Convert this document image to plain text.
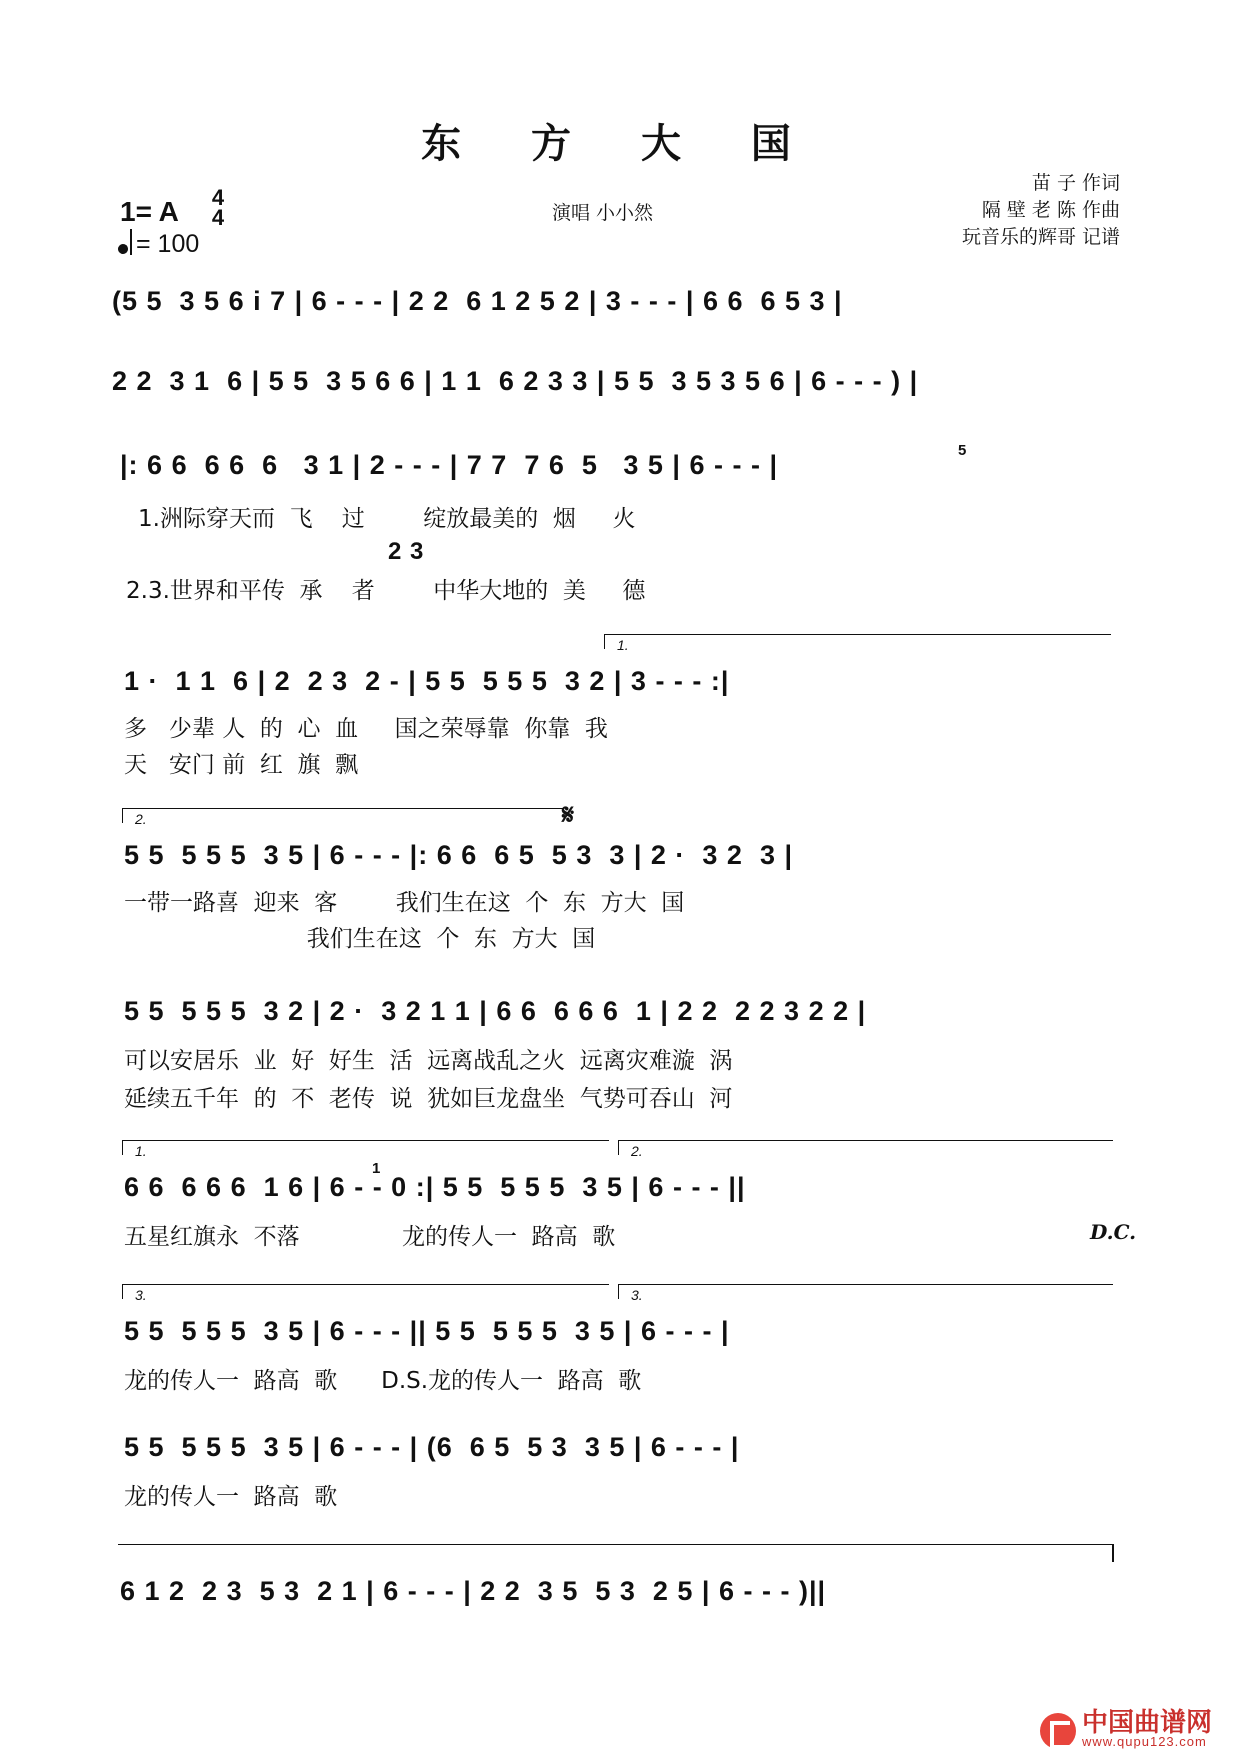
东 方 大 国
1= A 4
4
= 100
演唱 小小然
苗 子 作词
隔 壁 老 陈 作曲
玩音乐的辉哥 记谱
(5 5  3 5 6 i 7 | 6 - - - | 2 2  6 1 2 5 2 | 3 - - - | 6 6  6 5 3 |
2 2  3 1  6 | 5 5  3 5 6 6 | 1 1  6 2 3 3 | 5 5  3 5 3 5 6 | 6 - - - ) |
|: 6 6  6 6  6   3 1 | 2 - - - | 7 7  7 6  5   3 5 | 6 - - - |
1.洲际穿天而  飞    过        绽放最美的  烟     火
2 3
2.3.世界和平传  承    者        中华大地的  美     德
5
1.
1 ·  1 1  6 | 2  2 3  2 - | 5 5  5 5 5  3 2 | 3 - - - :|
多   少辈 人  的  心  血     国之荣辱靠  你靠  我
天   安门 前  红  旗  飘
2.	𝄋
5 5  5 5 5  3 5 | 6 - - - |: 6 6  6 5  5 3  3 | 2 ·  3 2  3 |
一带一路喜  迎来  客        我们生在这  个  东  方大  国
我们生在这  个  东  方大  国
5 5  5 5 5  3 2 | 2 ·  3 2 1 1 | 6 6  6 6 6  1 | 2 2  2 2 3 2 2 |
可以安居乐  业  好  好生  活  远离战乱之火  远离灾难漩  涡
延续五千年  的  不  老传  说  犹如巨龙盘坐  气势可吞山  河
1.	2.
6 6  6 6 6  1 6 | 6 - - 0 :| 5 5  5 5 5  3 5 | 6 - - - ||
五星红旗永  不落              龙的传人一  路高  歌
1
D.C.
3.	3.
5 5  5 5 5  3 5 | 6 - - - || 5 5  5 5 5  3 5 | 6 - - - |
龙的传人一  路高  歌      D.S.龙的传人一  路高  歌
5 5  5 5 5  3 5 | 6 - - - | (6  6 5  5 3  3 5 | 6 - - - |
龙的传人一  路高  歌
6 1 2  2 3  5 3  2 1 | 6 - - - | 2 2  3 5  5 3  2 5 | 6 - - - )||
中国曲谱网
www.qupu123.com
